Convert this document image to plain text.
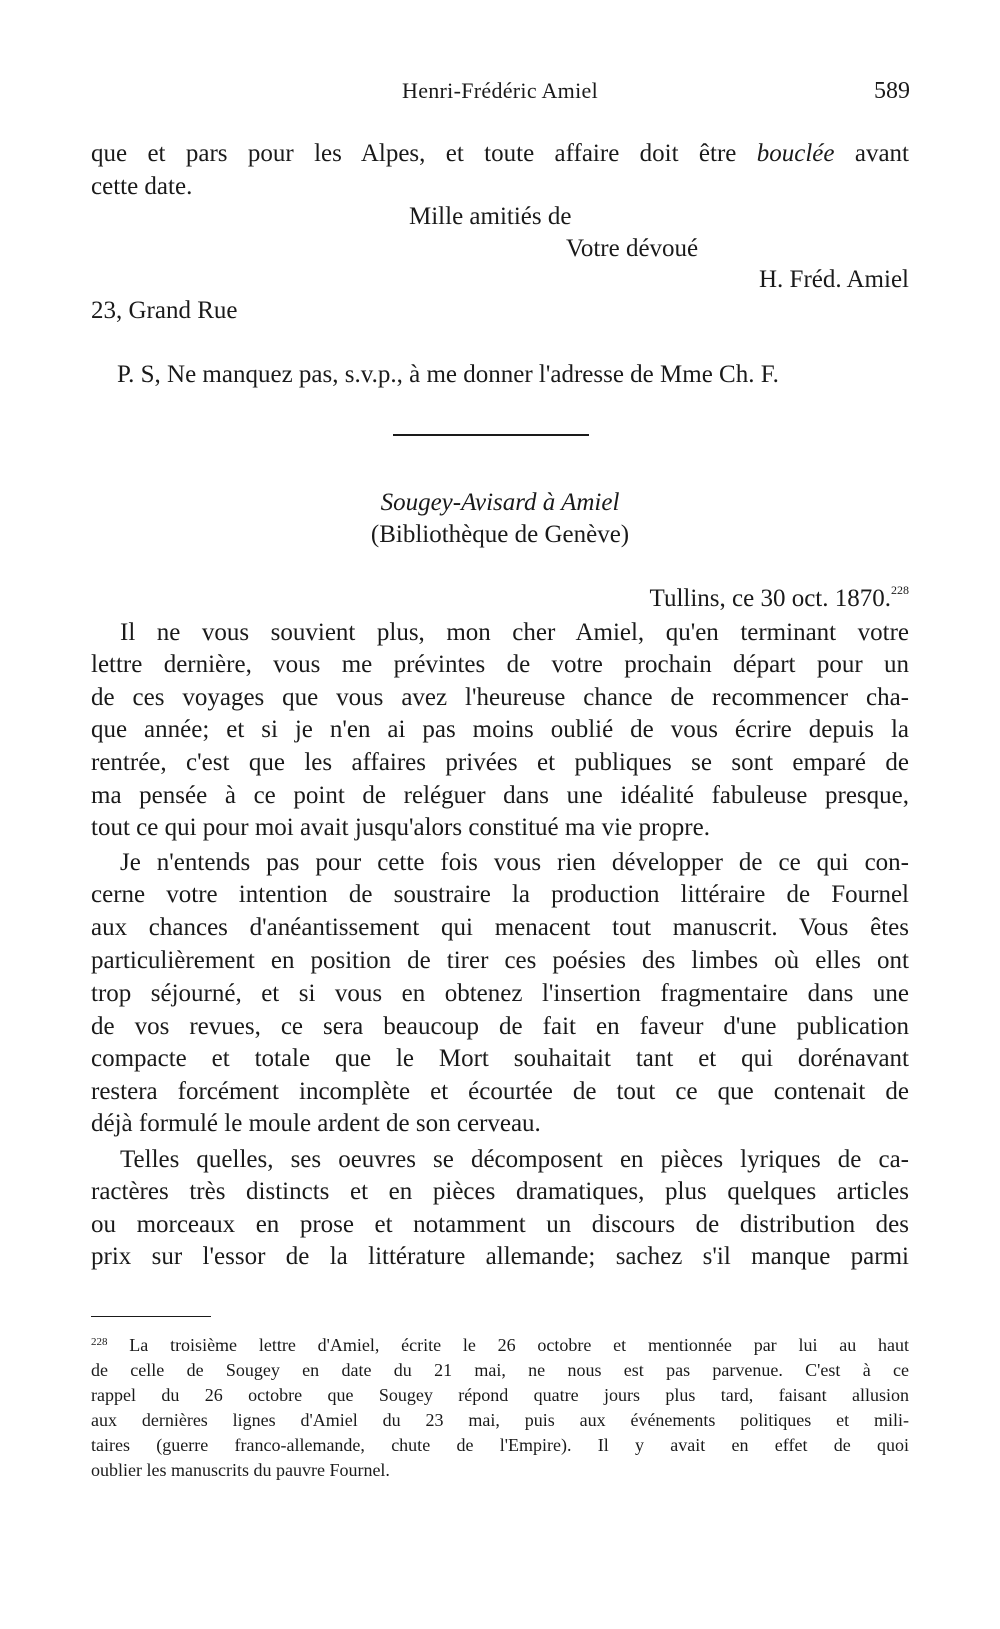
Henri-Frédéric Amiel	589
que et pars pour les Alpes, et toute affaire doit être bouclée avant
cette date.
Mille amitiés de
Votre dévoué
H. Fréd. Amiel
23, Grand Rue
P. S, Ne manquez pas, s.v.p., à me donner l'adresse de Mme Ch. F.
Sougey-Avisard à Amiel
(Bibliothèque de Genève)
Tullins, ce 30 oct. 1870.$^{228}$
Il ne vous souvient plus, mon cher Amiel, qu'en terminant votre
lettre dernière, vous me prévintes de votre prochain départ pour un
de ces voyages que vous avez l'heureuse chance de recommencer cha-
que année; et si je n'en ai pas moins oublié de vous écrire depuis la
rentrée, c'est que les affaires privées et publiques se sont emparé de
ma pensée à ce point de reléguer dans une idéalité fabuleuse presque,
tout ce qui pour moi avait jusqu'alors constitué ma vie propre.
Je n'entends pas pour cette fois vous rien développer de ce qui con-
cerne votre intention de soustraire la production littéraire de Fournel
aux chances d'anéantissement qui menacent tout manuscrit. Vous êtes
particulièrement en position de tirer ces poésies des limbes où elles ont
trop séjourné, et si vous en obtenez l'insertion fragmentaire dans une
de vos revues, ce sera beaucoup de fait en faveur d'une publication
compacte et totale que le Mort souhaitait tant et qui dorénavant
restera forcément incomplète et écourtée de tout ce que contenait de
déjà formulé le moule ardent de son cerveau.
Telles quelles, ses oeuvres se décomposent en pièces lyriques de ca-
ractères très distincts et en pièces dramatiques, plus quelques articles
ou morceaux en prose et notamment un discours de distribution des
prix sur l'essor de la littérature allemande; sachez s'il manque parmi
$^{228}$ La troisième lettre d'Amiel, écrite le 26 octobre et mentionnée par lui au haut
de celle de Sougey en date du 21 mai, ne nous est pas parvenue. C'est à ce
rappel du 26 octobre que Sougey répond quatre jours plus tard, faisant allusion
aux dernières lignes d'Amiel du 23 mai, puis aux événements politiques et mili-
taires (guerre franco-allemande, chute de l'Empire). Il y avait en effet de quoi
oublier les manuscrits du pauvre Fournel.
